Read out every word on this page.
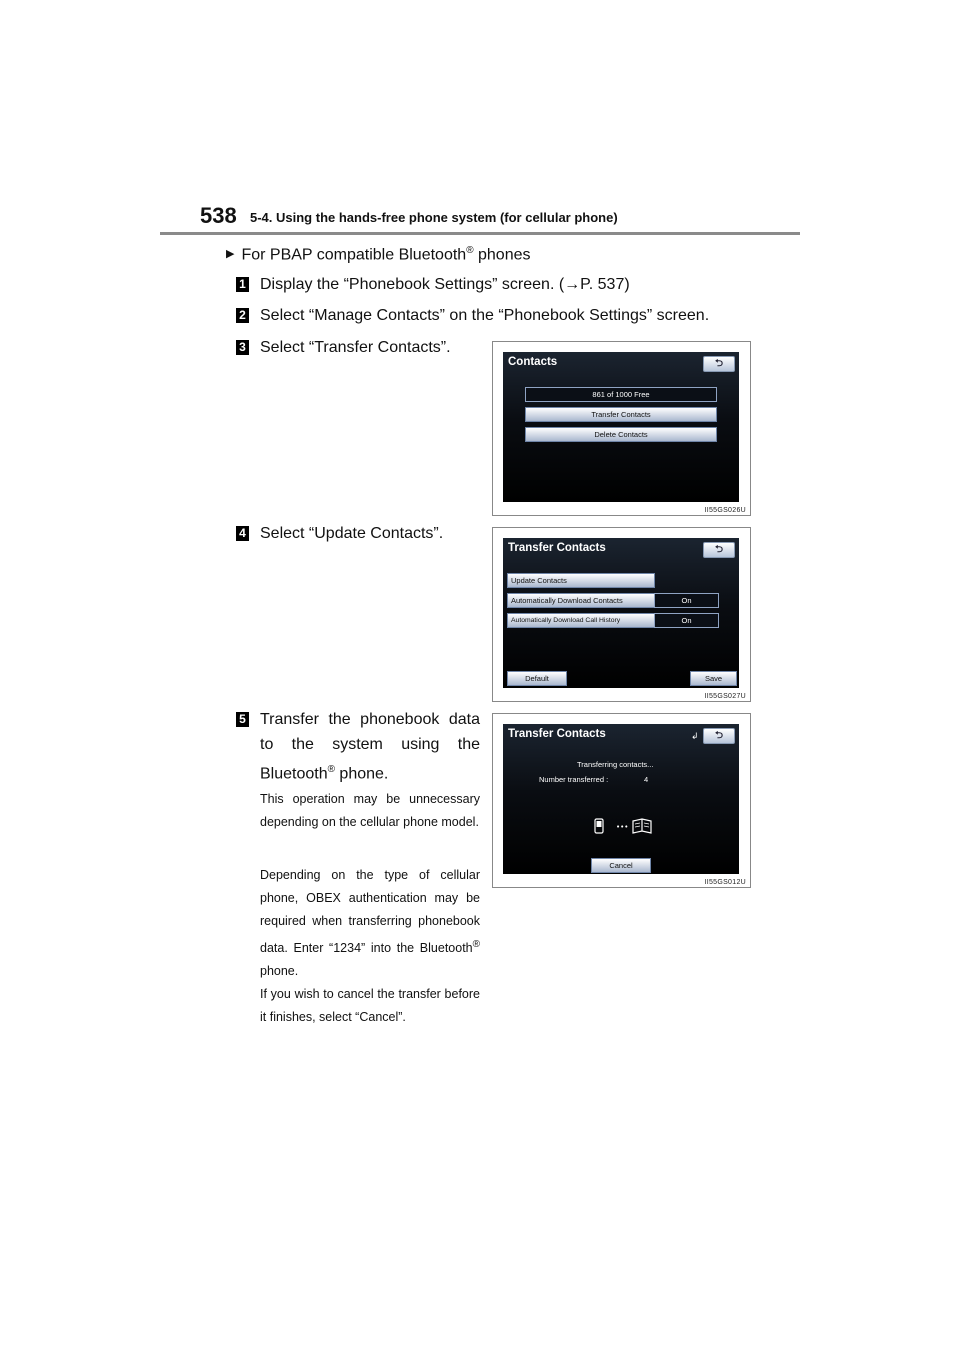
538 5-4. Using the hands-free phone system (for cellular phone)
▶ For PBAP compatible Bluetooth® phones
1 Display the “Phonebook Settings” screen. (→P. 537)
2 Select “Manage Contacts” on the “Phonebook Settings” screen.
3 Select “Transfer Contacts”.
4 Select “Update Contacts”.
5 Transfer the phonebook data to the system using the Bluetooth® phone.
This operation may be unnecessary depending on the cellular phone model.
Depending on the type of cellular phone, OBEX authentication may be required when transferring phonebook data. Enter “1234” into the Bluetooth® phone.
If you wish to cancel the transfer before it finishes, select “Cancel”.
Contacts	⮌
861 of 1000 Free
Transfer Contacts
Delete Contacts
II55GS026U
Transfer Contacts	⮌
Update Contacts
Automatically Download Contacts	On
Automatically Download Call History	On
Default	Save
II55GS027U
Transfer Contacts	↲	⮌
Transferring contacts...
Number transferred :	4
•••
Cancel
II55GS012U
